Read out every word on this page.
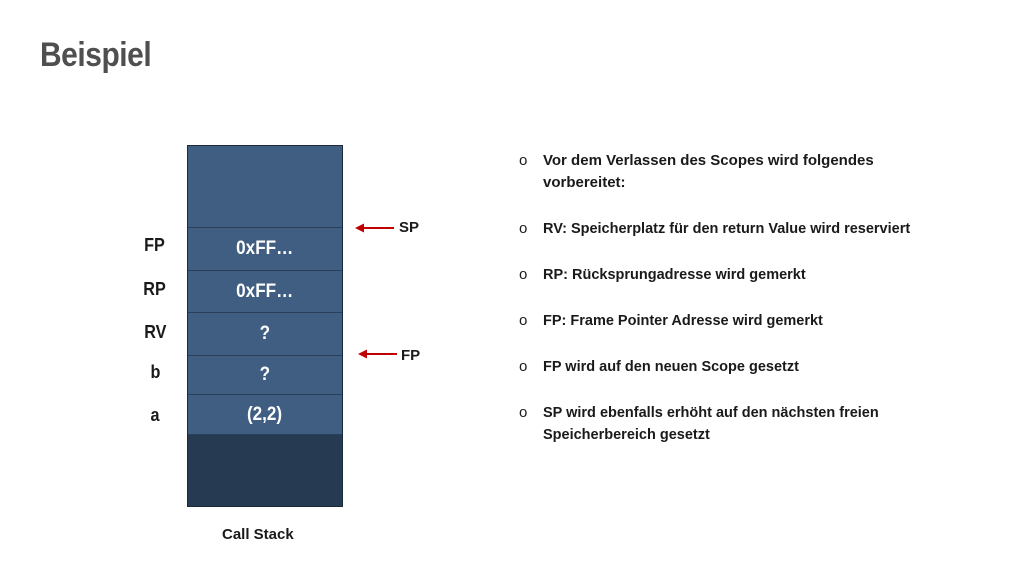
Beispiel
0xFF…
0xFF…
?
?
(2,2)
FP
RP
RV
b
a
SP
FP
Call Stack
o Vor dem Verlassen des Scopes wird folgendes vorbereitet:
o RV: Speicherplatz für den return Value wird reserviert
o RP: Rücksprungadresse wird gemerkt
o FP: Frame Pointer Adresse wird gemerkt
o FP wird auf den neuen Scope gesetzt
o SP wird ebenfalls erhöht auf den nächsten freien Speicherbereich gesetzt
